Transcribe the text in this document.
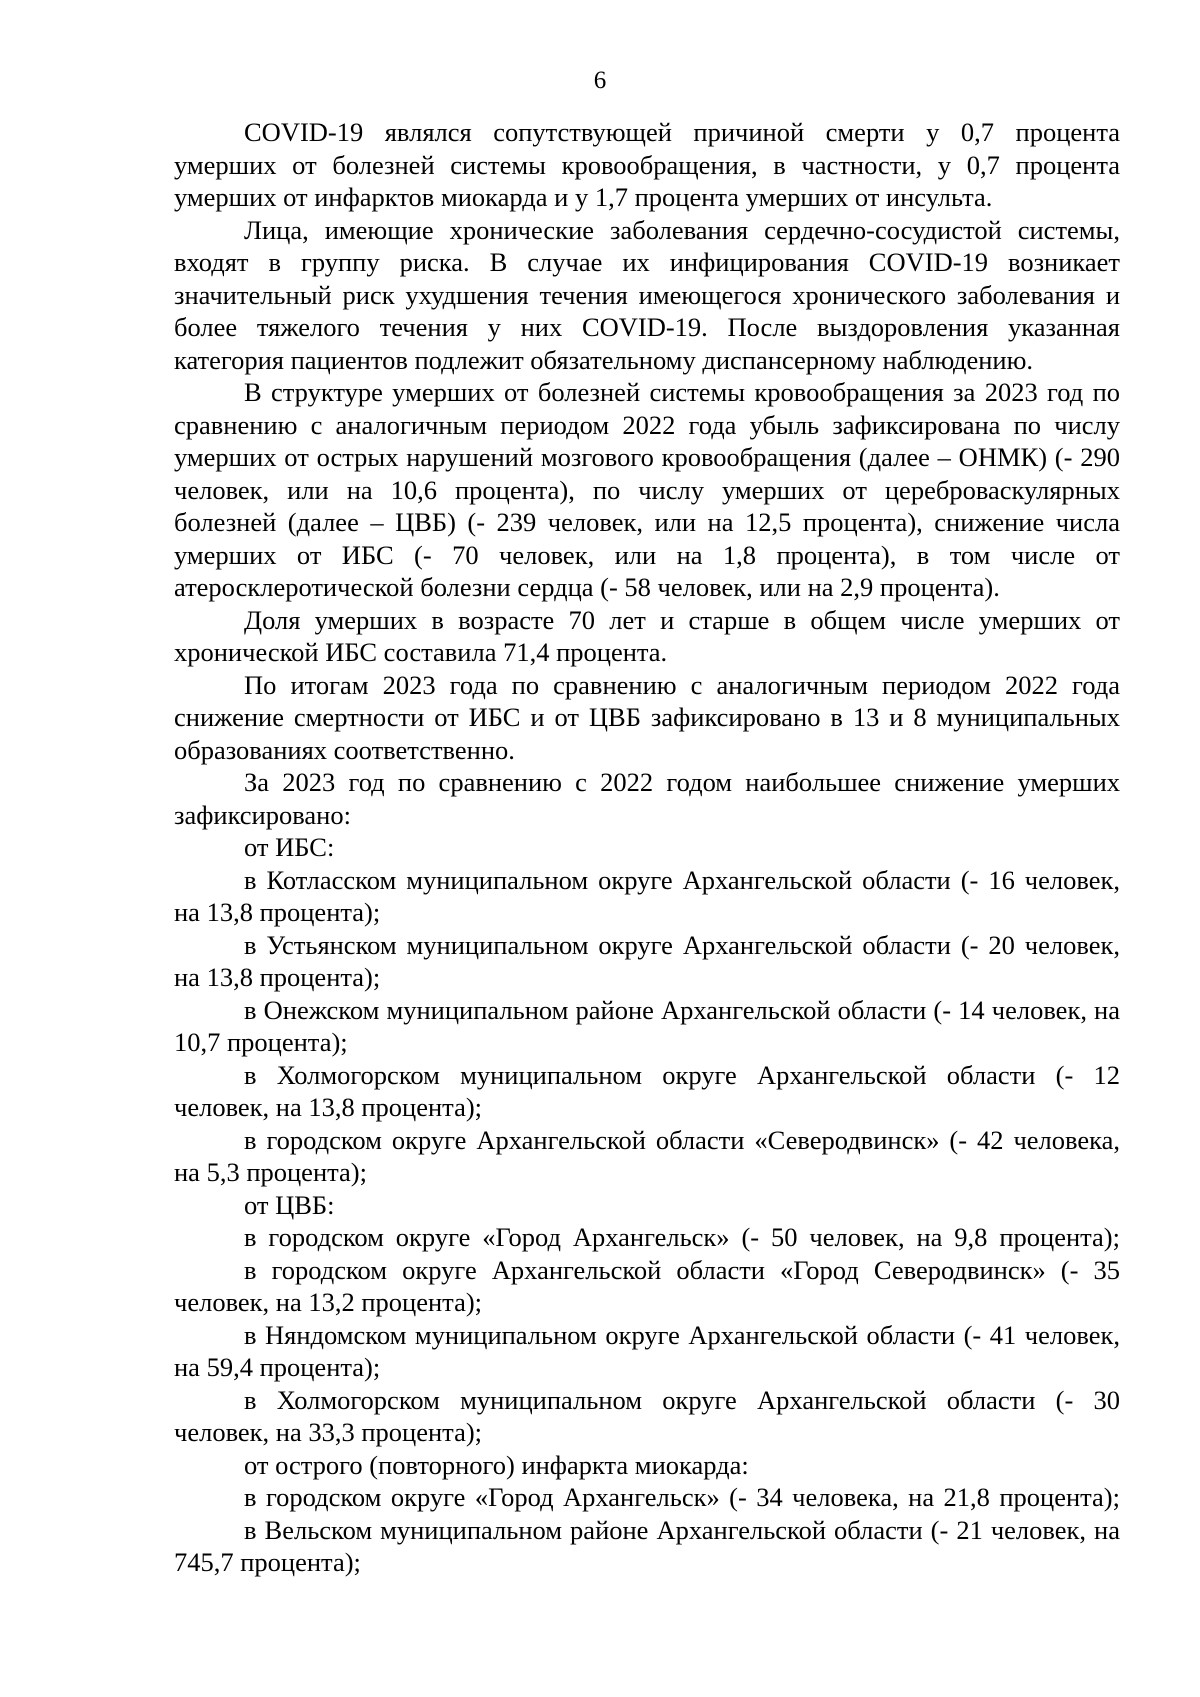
6

COVID-19 являлся сопутствующей причиной смерти у 0,7 процента умерших от болезней системы кровообращения, в частности, у 0,7 процента умерших от инфарктов миокарда и у 1,7 процента умерших от инсульта.

Лица, имеющие хронические заболевания сердечно-сосудистой системы, входят в группу риска. В случае их инфицирования COVID-19 возникает значительный риск ухудшения течения имеющегося хронического заболевания и более тяжелого течения у них COVID-19. После выздоровления указанная категория пациентов подлежит обязательному диспансерному наблюдению.

В структуре умерших от болезней системы кровообращения за 2023 год по сравнению с аналогичным периодом 2022 года убыль зафиксирована по числу умерших от острых нарушений мозгового кровообращения (далее – ОНМК) (- 290 человек, или на 10,6 процента), по числу умерших от цереброваскулярных болезней (далее – ЦВБ) (- 239 человек, или на 12,5 процента), снижение числа умерших от ИБС (- 70 человек, или на 1,8 процента), в том числе от атеросклеротической болезни сердца (- 58 человек, или на 2,9 процента).

Доля умерших в возрасте 70 лет и старше в общем числе умерших от хронической ИБС составила 71,4 процента.

По итогам 2023 года по сравнению с аналогичным периодом 2022 года снижение смертности от ИБС и от ЦВБ зафиксировано в 13 и 8 муниципальных образованиях соответственно.

За 2023 год по сравнению с 2022 годом наибольшее снижение умерших зафиксировано:

от ИБС:

в Котласском муниципальном округе Архангельской области (- 16 человек, на 13,8 процента);

в Устьянском муниципальном округе Архангельской области (- 20 человек, на 13,8 процента);

в Онежском муниципальном районе Архангельской области (- 14 человек, на 10,7 процента);

в Холмогорском муниципальном округе Архангельской области (- 12 человек, на 13,8 процента);

в городском округе Архангельской области «Северодвинск» (- 42 человека, на 5,3 процента);

от ЦВБ:

в городском округе «Город Архангельск» (- 50 человек, на 9,8 процента);

в городском округе Архангельской области «Город Северодвинск» (- 35 человек, на 13,2 процента);

в Няндомском муниципальном округе Архангельской области (- 41 человек, на 59,4 процента);

в Холмогорском муниципальном округе Архангельской области (- 30 человек, на 33,3 процента);

от острого (повторного) инфаркта миокарда:

в городском округе «Город Архангельск» (- 34 человека, на 21,8 процента);

в Вельском муниципальном районе Архангельской области (- 21 человек, на 745,7 процента);
